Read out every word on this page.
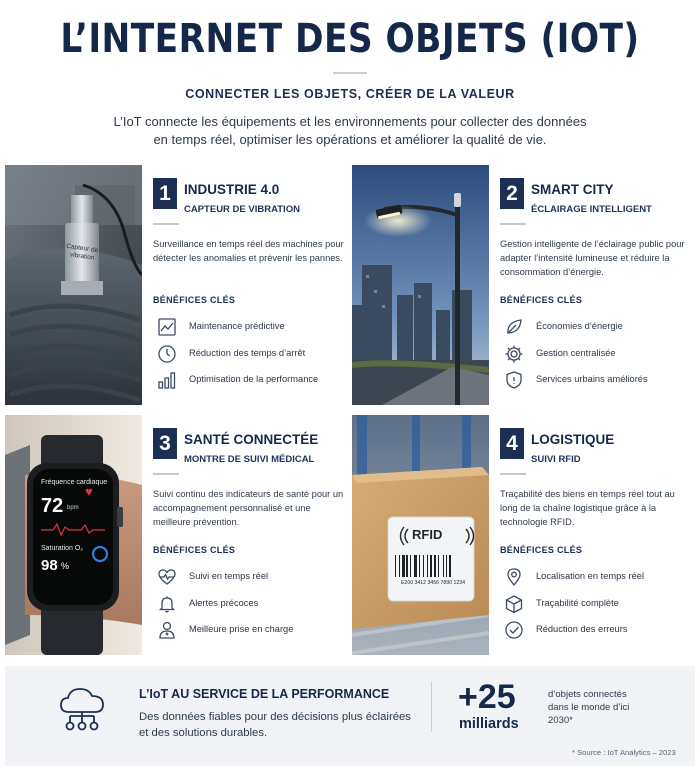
L’INTERNET DES OBJETS (IOT)
CONNECTER LES OBJETS, CRÉER DE LA VALEUR
L’IoT connecte les équipements et les environnements pour collecter des données en temps réel, optimiser les opérations et améliorer la qualité de vie.
Capteur de
vibration
1 INDUSTRIE 4.0
CAPTEUR DE VIBRATION
Surveillance en temps réel des machines pour détecter les anomalies et prévenir les pannes.
BÉNÉFICES CLÉS
Maintenance prédictive
Réduction des temps d’arrêt
Optimisation de la performance
2 SMART CITY
ÉCLAIRAGE INTELLIGENT
Gestion intelligente de l’éclairage public pour adapter l’intensité lumineuse et réduire la consommation d’énergie.
BÉNÉFICES CLÉS
Économies d’énergie
Gestion centralisée
Services urbains améliorés
Fréquence cardiaque
♥
72 bpm
Saturation O₂
98 %
3 SANTÉ CONNECTÉE
MONTRE DE SUIVI MÉDICAL
Suivi continu des indicateurs de santé pour un accompagnement personnalisé et une meilleure prévention.
BÉNÉFICES CLÉS
Suivi en temps réel
Alertes précoces
Meilleure prise en charge
RFID
E200 3412 3456 7890 1234
4 LOGISTIQUE
SUIVI RFID
Traçabilité des biens en temps réel tout au long de la chaîne logistique grâce à la technologie RFID.
BÉNÉFICES CLÉS
Localisation en temps réel
Traçabilité complète
Réduction des erreurs
L’IoT AU SERVICE DE LA PERFORMANCE
Des données fiables pour des décisions plus éclairées et des solutions durables.
+25
milliards
d’objets connectés dans le monde d’ici 2030*
* Source : IoT Analytics – 2023
